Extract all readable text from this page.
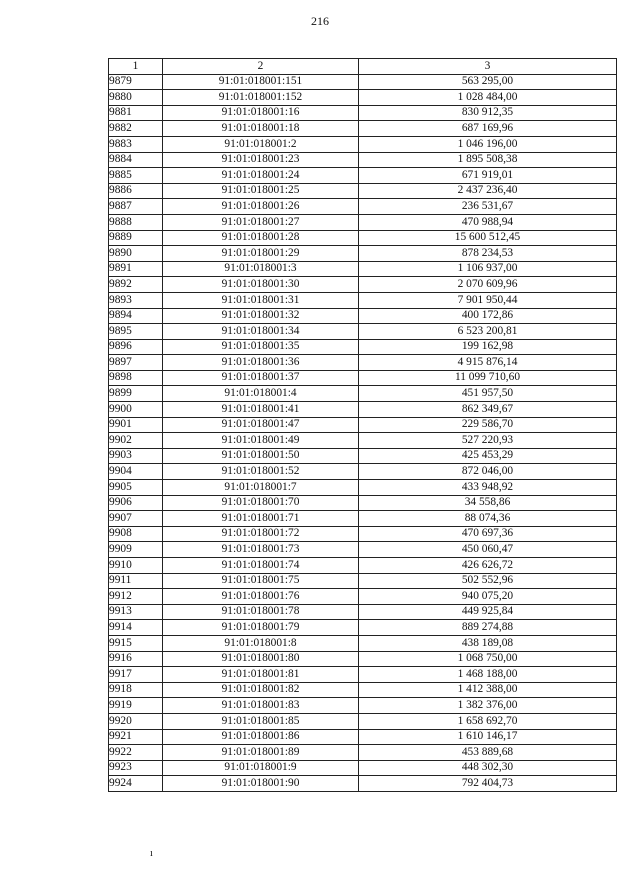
216
1	2	3
9879	91:01:018001:151	563 295,00
9880	91:01:018001:152	1 028 484,00
9881	91:01:018001:16	830 912,35
9882	91:01:018001:18	687 169,96
9883	91:01:018001:2	1 046 196,00
9884	91:01:018001:23	1 895 508,38
9885	91:01:018001:24	671 919,01
9886	91:01:018001:25	2 437 236,40
9887	91:01:018001:26	236 531,67
9888	91:01:018001:27	470 988,94
9889	91:01:018001:28	15 600 512,45
9890	91:01:018001:29	878 234,53
9891	91:01:018001:3	1 106 937,00
9892	91:01:018001:30	2 070 609,96
9893	91:01:018001:31	7 901 950,44
9894	91:01:018001:32	400 172,86
9895	91:01:018001:34	6 523 200,81
9896	91:01:018001:35	199 162,98
9897	91:01:018001:36	4 915 876,14
9898	91:01:018001:37	11 099 710,60
9899	91:01:018001:4	451 957,50
9900	91:01:018001:41	862 349,67
9901	91:01:018001:47	229 586,70
9902	91:01:018001:49	527 220,93
9903	91:01:018001:50	425 453,29
9904	91:01:018001:52	872 046,00
9905	91:01:018001:7	433 948,92
9906	91:01:018001:70	34 558,86
9907	91:01:018001:71	88 074,36
9908	91:01:018001:72	470 697,36
9909	91:01:018001:73	450 060,47
9910	91:01:018001:74	426 626,72
9911	91:01:018001:75	502 552,96
9912	91:01:018001:76	940 075,20
9913	91:01:018001:78	449 925,84
9914	91:01:018001:79	889 274,88
9915	91:01:018001:8	438 189,08
9916	91:01:018001:80	1 068 750,00
9917	91:01:018001:81	1 468 188,00
9918	91:01:018001:82	1 412 388,00
9919	91:01:018001:83	1 382 376,00
9920	91:01:018001:85	1 658 692,70
9921	91:01:018001:86	1 610 146,17
9922	91:01:018001:89	453 889,68
9923	91:01:018001:9	448 302,30
9924	91:01:018001:90	792 404,73
ı
